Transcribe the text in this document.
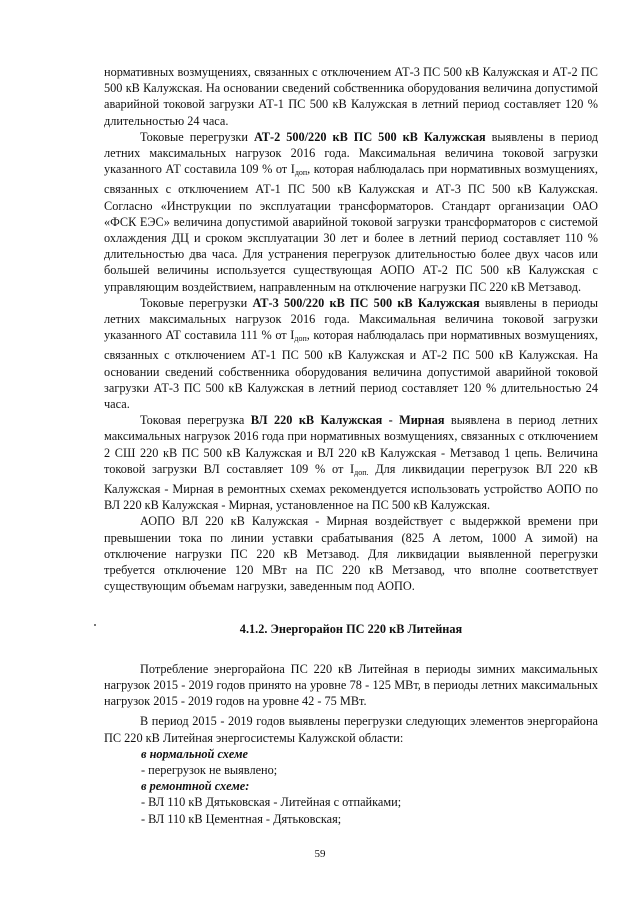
нормативных возмущениях, связанных с отключением АТ-3 ПС 500 кВ Калужская и АТ-2 ПС 500 кВ Калужская. На основании сведений собственника оборудования величина допустимой аварийной токовой загрузки АТ-1 ПС 500 кВ Калужская в летний период составляет 120 % длительностью 24 часа.

Токовые перегрузки АТ-2 500/220 кВ ПС 500 кВ Калужская выявлены в период летних максимальных нагрузок 2016 года. Максимальная величина токовой загрузки указанного АТ составила 109 % от $I_{доп}$, которая наблюдалась при нормативных возмущениях, связанных с отключением АТ-1 ПС 500 кВ Калужская и АТ-3 ПС 500 кВ Калужская. Согласно «Инструкции по эксплуатации трансформаторов. Стандарт организации ОАО «ФСК ЕЭС» величина допустимой аварийной токовой загрузки трансформаторов с системой охлаждения ДЦ и сроком эксплуатации 30 лет и более в летний период составляет 110 % длительностью два часа. Для устранения перегрузок длительностью более двух часов или большей величины используется существующая АОПО АТ-2 ПС 500 кВ Калужская с управляющим воздействием, направленным на отключение нагрузки ПС 220 кВ Метзавод.

Токовые перегрузки АТ-3 500/220 кВ ПС 500 кВ Калужская выявлены в периоды летних максимальных нагрузок 2016 года. Максимальная величина токовой загрузки указанного АТ составила 111 % от $I_{доп}$, которая наблюдалась при нормативных возмущениях, связанных с отключением АТ-1 ПС 500 кВ Калужская и АТ-2 ПС 500 кВ Калужская. На основании сведений собственника оборудования величина допустимой аварийной токовой загрузки АТ-3 ПС 500 кВ Калужская в летний период составляет 120 % длительностью 24 часа.

Токовая перегрузка ВЛ 220 кВ Калужская - Мирная выявлена в период летних максимальных нагрузок 2016 года при нормативных возмущениях, связанных с отключением 2 СШ 220 кВ ПС 500 кВ Калужская и ВЛ 220 кВ Калужская - Метзавод 1 цепь. Величина токовой загрузки ВЛ составляет 109 % от $I_{доп.}$ Для ликвидации перегрузок ВЛ 220 кВ Калужская - Мирная в ремонтных схемах рекомендуется использовать устройство АОПО по ВЛ 220 кВ Калужская - Мирная, установленное на ПС 500 кВ Калужская.

АОПО ВЛ 220 кВ Калужская - Мирная воздействует с выдержкой времени при превышении тока по линии уставки срабатывания (825 А летом, 1000 А зимой) на отключение нагрузки ПС 220 кВ Метзавод. Для ликвидации выявленной перегрузки требуется отключение 120 МВт на ПС 220 кВ Метзавод, что вполне соответствует существующим объемам нагрузки, заведенным под АОПО.

4.1.2. Энергорайон ПС 220 кВ Литейная

Потребление энергорайона ПС 220 кВ Литейная в периоды зимних максимальных нагрузок 2015 - 2019 годов принято на уровне 78 - 125 МВт, в периоды летних максимальных нагрузок 2015 - 2019 годов на уровне 42 - 75 МВт.

В период 2015 - 2019 годов выявлены перегрузки следующих элементов энергорайона ПС 220 кВ Литейная энергосистемы Калужской области:

в нормальной схеме

- перегрузок не выявлено;

в ремонтной схеме:

- ВЛ 110 кВ Дятьковская - Литейная с отпайками;

- ВЛ 110 кВ Цементная - Дятьковская;

59
